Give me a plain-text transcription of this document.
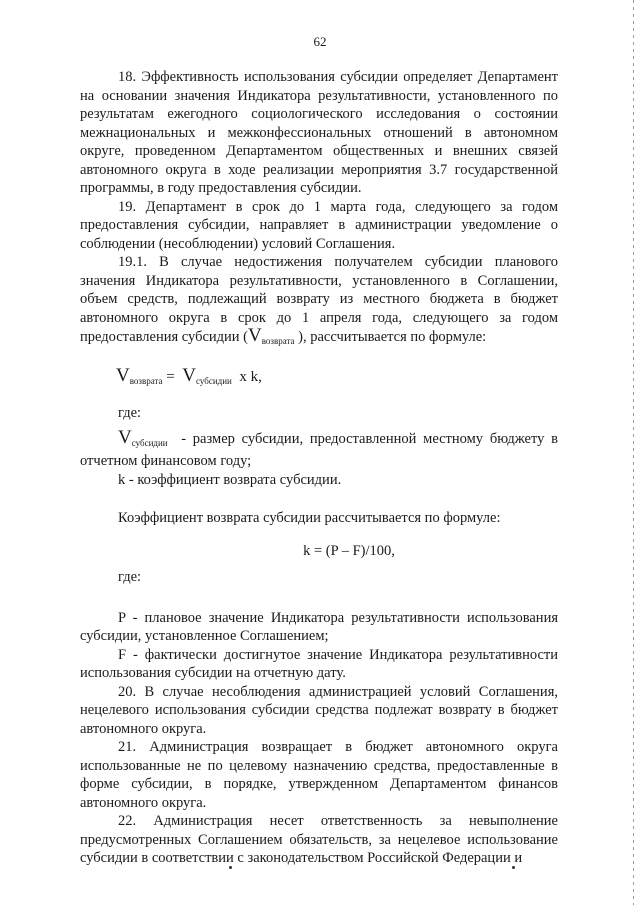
62

18. Эффективность использования субсидии определяет Департамент на основании значения Индикатора результативности, установленного по результатам ежегодного социологического исследования о состоянии межнациональных и межконфессиональных отношений в автономном округе, проведенном Департаментом общественных и внешних связей автономного округа в ходе реализации мероприятия 3.7 государственной программы, в году предоставления субсидии.

19. Департамент в срок до 1 марта года, следующего за годом предоставления субсидии, направляет в администрации уведомление о соблюдении (несоблюдении) условий Соглашения.

19.1. В случае недостижения получателем субсидии планового значения Индикатора результативности, установленного в Соглашении, объем средств, подлежащий возврату из местного бюджета в бюджет автономного округа в срок до 1 апреля года, следующего за годом предоставления субсидии ($V_{возврата}$ ), рассчитывается по формуле:

$V_{возврата} = V_{субсидии}$ x k,

где:

$V_{субсидии}$ - размер субсидии, предоставленной местному бюджету в отчетном финансовом году;

k - коэффициент возврата субсидии.

Коэффициент возврата субсидии рассчитывается по формуле:

k = (P – F)/100,

где:

P - плановое значение Индикатора результативности использования субсидии, установленное Соглашением;

F - фактически достигнутое значение Индикатора результативности использования субсидии на отчетную дату.

20. В случае несоблюдения администрацией условий Соглашения, нецелевого использования субсидии средства подлежат возврату в бюджет автономного округа.

21. Администрация возвращает в бюджет автономного округа использованные не по целевому назначению средства, предоставленные в форме субсидии, в порядке, утвержденном Департаментом финансов автономного округа.

22. Администрация несет ответственность за невыполнение предусмотренных Соглашением обязательств, за нецелевое использование субсидии в соответствии с законодательством Российской Федерации и
